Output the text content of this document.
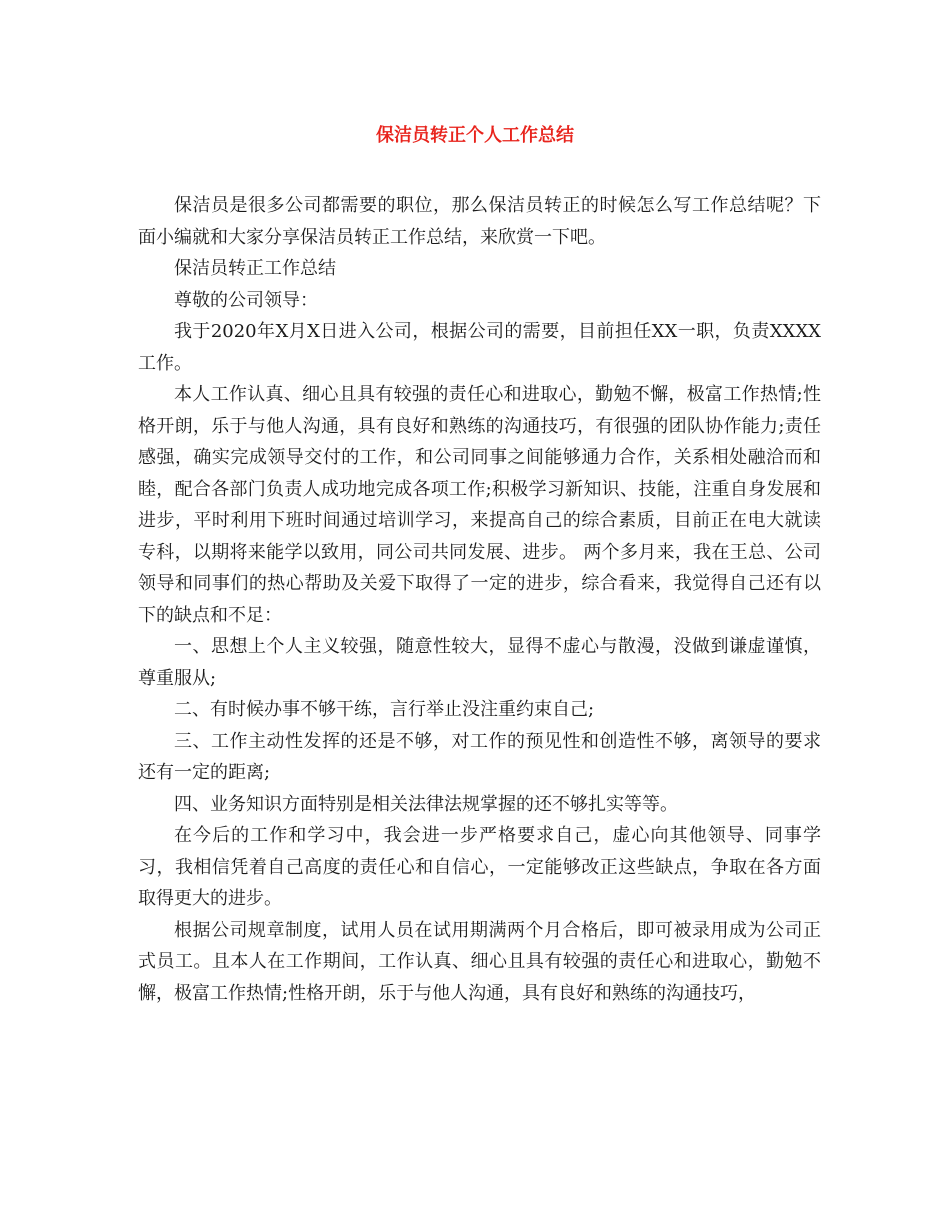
保洁员转正个人工作总结

保洁员是很多公司都需要的职位，那么保洁员转正的时候怎么写工作总结呢？下面小编就和大家分享保洁员转正工作总结，来欣赏一下吧。

保洁员转正工作总结

尊敬的公司领导：

我于2020年X月X日进入公司，根据公司的需要，目前担任XX一职，负责XXXX工作。

本人工作认真、细心且具有较强的责任心和进取心，勤勉不懈，极富工作热情;性格开朗，乐于与他人沟通，具有良好和熟练的沟通技巧，有很强的团队协作能力;责任感强，确实完成领导交付的工作，和公司同事之间能够通力合作，关系相处融洽而和睦，配合各部门负责人成功地完成各项工作;积极学习新知识、技能，注重自身发展和进步，平时利用下班时间通过培训学习，来提高自己的综合素质，目前正在电大就读专科，以期将来能学以致用，同公司共同发展、进步。 两个多月来，我在王总、公司领导和同事们的热心帮助及关爱下取得了一定的进步，综合看来，我觉得自己还有以下的缺点和不足：

一、思想上个人主义较强，随意性较大，显得不虚心与散漫，没做到谦虚谨慎，尊重服从;

二、有时候办事不够干练，言行举止没注重约束自己;

三、工作主动性发挥的还是不够，对工作的预见性和创造性不够，离领导的要求还有一定的距离;

四、业务知识方面特别是相关法律法规掌握的还不够扎实等等。

在今后的工作和学习中，我会进一步严格要求自己，虚心向其他领导、同事学习，我相信凭着自己高度的责任心和自信心，一定能够改正这些缺点，争取在各方面取得更大的进步。

根据公司规章制度，试用人员在试用期满两个月合格后，即可被录用成为公司正式员工。且本人在工作期间，工作认真、细心且具有较强的责任心和进取心，勤勉不懈，极富工作热情;性格开朗，乐于与他人沟通，具有良好和熟练的沟通技巧，
